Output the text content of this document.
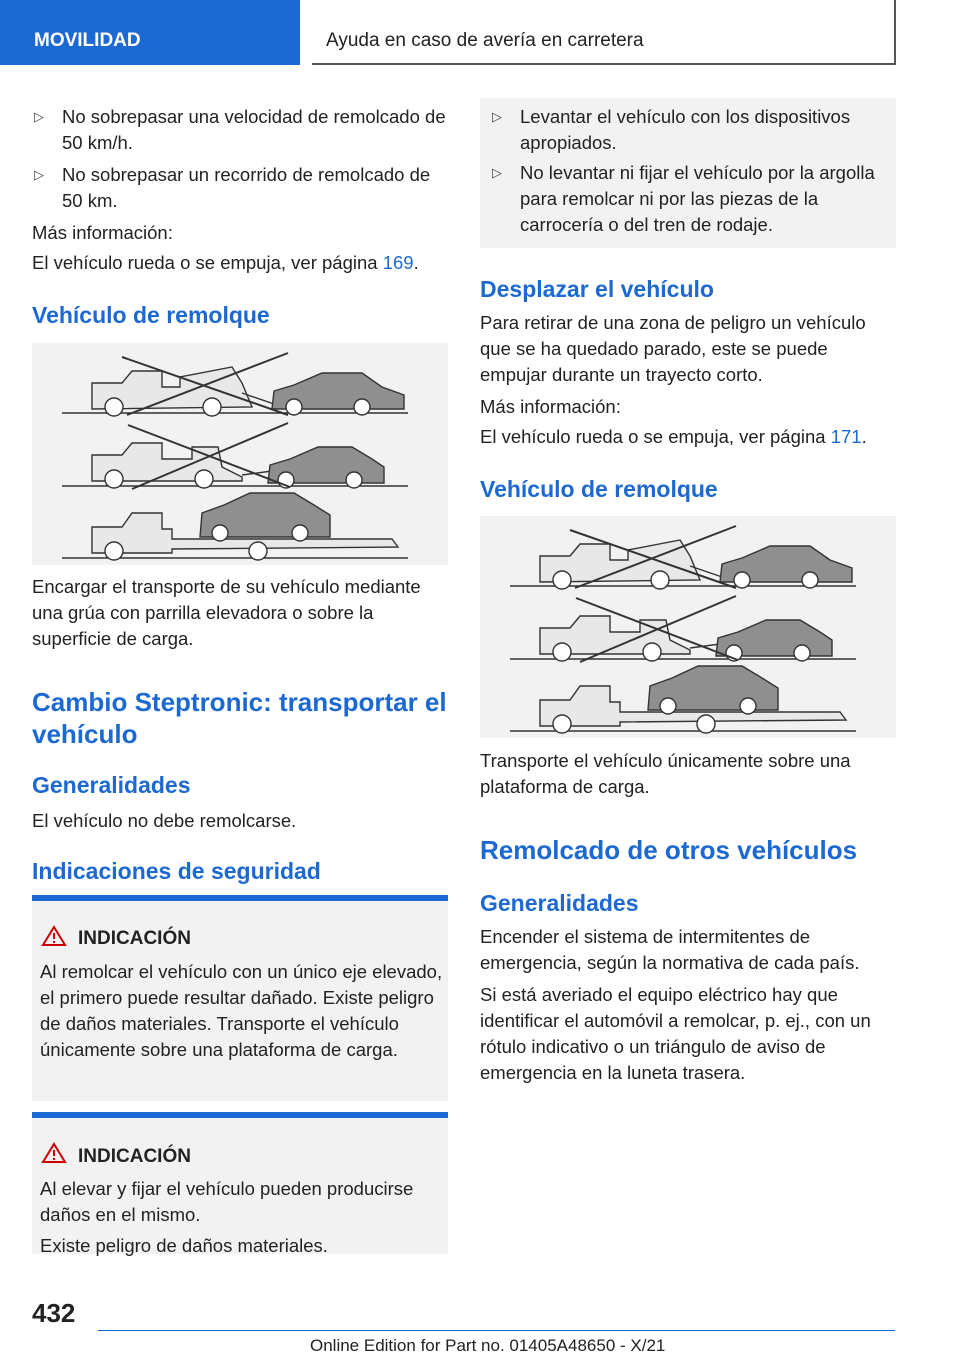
MOVILIDAD	Ayuda en caso de avería en carretera
▷ No sobrepasar una velocidad de remolcado de 50 km/h.
▷ No sobrepasar un recorrido de remolcado de 50 km.
Más información:
El vehículo rueda o se empuja, ver página 169.
Vehículo de remolque
Encargar el transporte de su vehículo mediante una grúa con parrilla elevadora o sobre la superficie de carga.
Cambio Steptronic: transportar el vehículo
Generalidades
El vehículo no debe remolcarse.
Indicaciones de seguridad
INDICACIÓN
Al remolcar el vehículo con un único eje elevado, el primero puede resultar dañado. Existe peligro de daños materiales. Transporte el vehículo únicamente sobre una plataforma de carga.
INDICACIÓN
Al elevar y fijar el vehículo pueden producirse daños en el mismo.
Existe peligro de daños materiales.
▷ Levantar el vehículo con los dispositivos apropiados.
▷ No levantar ni fijar el vehículo por la argolla para remolcar ni por las piezas de la carrocería o del tren de rodaje.
Desplazar el vehículo
Para retirar de una zona de peligro un vehículo que se ha quedado parado, este se puede empujar durante un trayecto corto.
Más información:
El vehículo rueda o se empuja, ver página 171.
Vehículo de remolque
Transporte el vehículo únicamente sobre una plataforma de carga.
Remolcado de otros vehículos
Generalidades
Encender el sistema de intermitentes de emergencia, según la normativa de cada país.
Si está averiado el equipo eléctrico hay que identificar el automóvil a remolcar, p. ej., con un rótulo indicativo o un triángulo de aviso de emergencia en la luneta trasera.
432
Online Edition for Part no. 01405A48650 - X/21
